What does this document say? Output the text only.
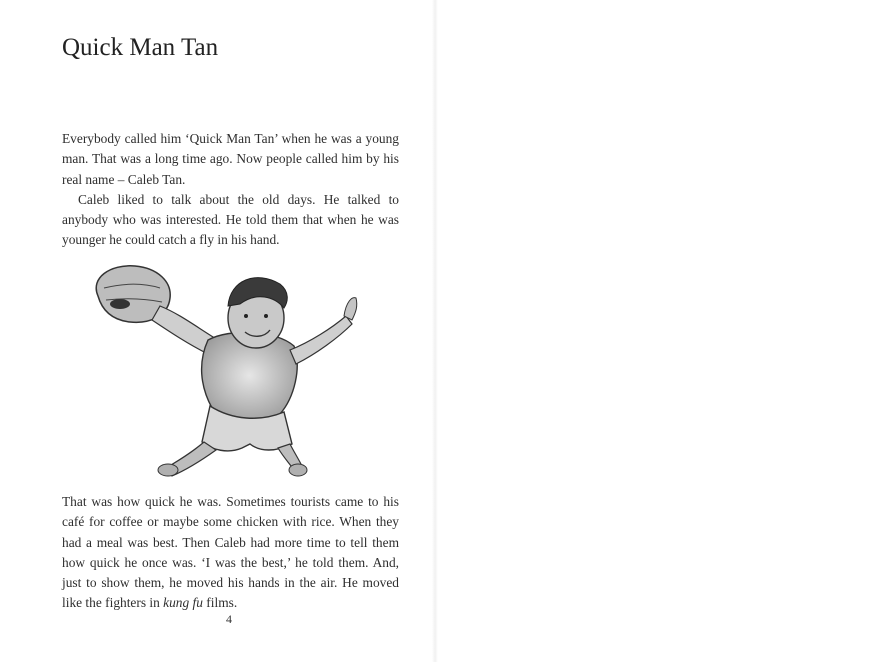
Quick Man Tan

Everybody called him ‘Quick Man Tan’ when he was a young man. That was a long time ago. Now people called him by his real name – Caleb Tan.

Caleb liked to talk about the old days. He talked to anybody who was interested. He told them that when he was younger he could catch a fly in his hand.

That was how quick he was. Sometimes tourists came to his café for coffee or maybe some chicken with rice. When they had a meal was best. Then Caleb had more time to tell them how quick he once was. ‘I was the best,’ he told them. And, just to show them, he moved his hands in the air. He moved like the fighters in kung fu films.

4
